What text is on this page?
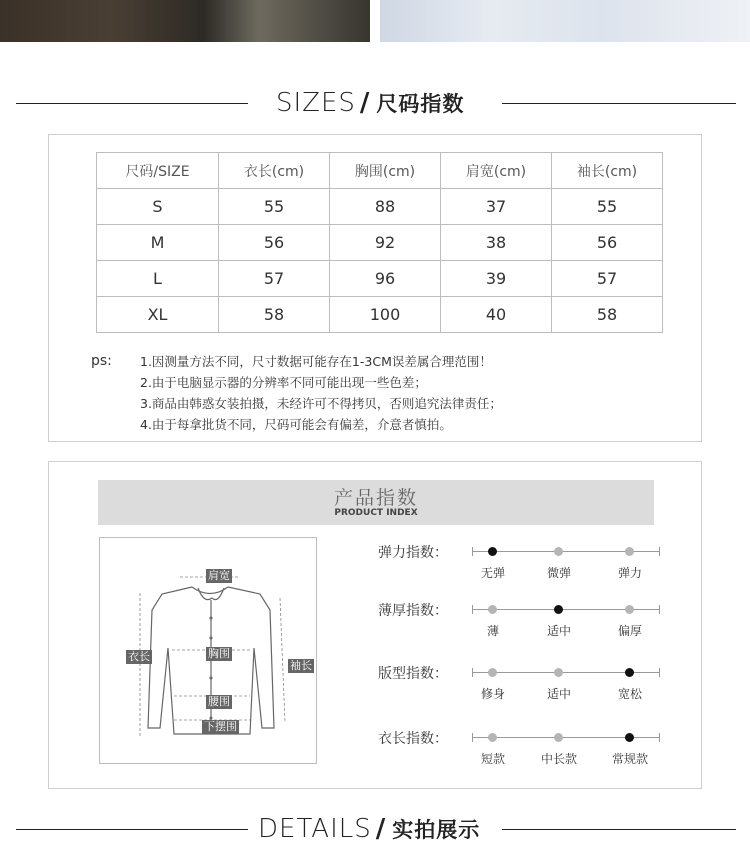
SIZES / 尺码指数
尺码/SIZE	衣长(cm)	胸围(cm)	肩宽(cm)	袖长(cm)
S	55	88	37	55
M	56	92	38	56
L	57	96	39	57
XL	58	100	40	58
ps: 1.因测量方法不同，尺寸数据可能存在1-3CM误差属合理范围！
2.由于电脑显示器的分辨率不同可能出现一些色差；
3.商品由韩惑女装拍摄，未经许可不得拷贝，否则追究法律责任；
4.由于每拿批货不同，尺码可能会有偏差，介意者慎拍。
产品指数
PRODUCT INDEX
肩宽
衣长	胸围
袖长
腰围
下摆围
弹力指数：
无弹	微弹	弹力
薄厚指数：
薄	适中	偏厚
版型指数：
修身	适中	宽松
衣长指数：
短款	中长款	常规款
DETAILS / 实拍展示
